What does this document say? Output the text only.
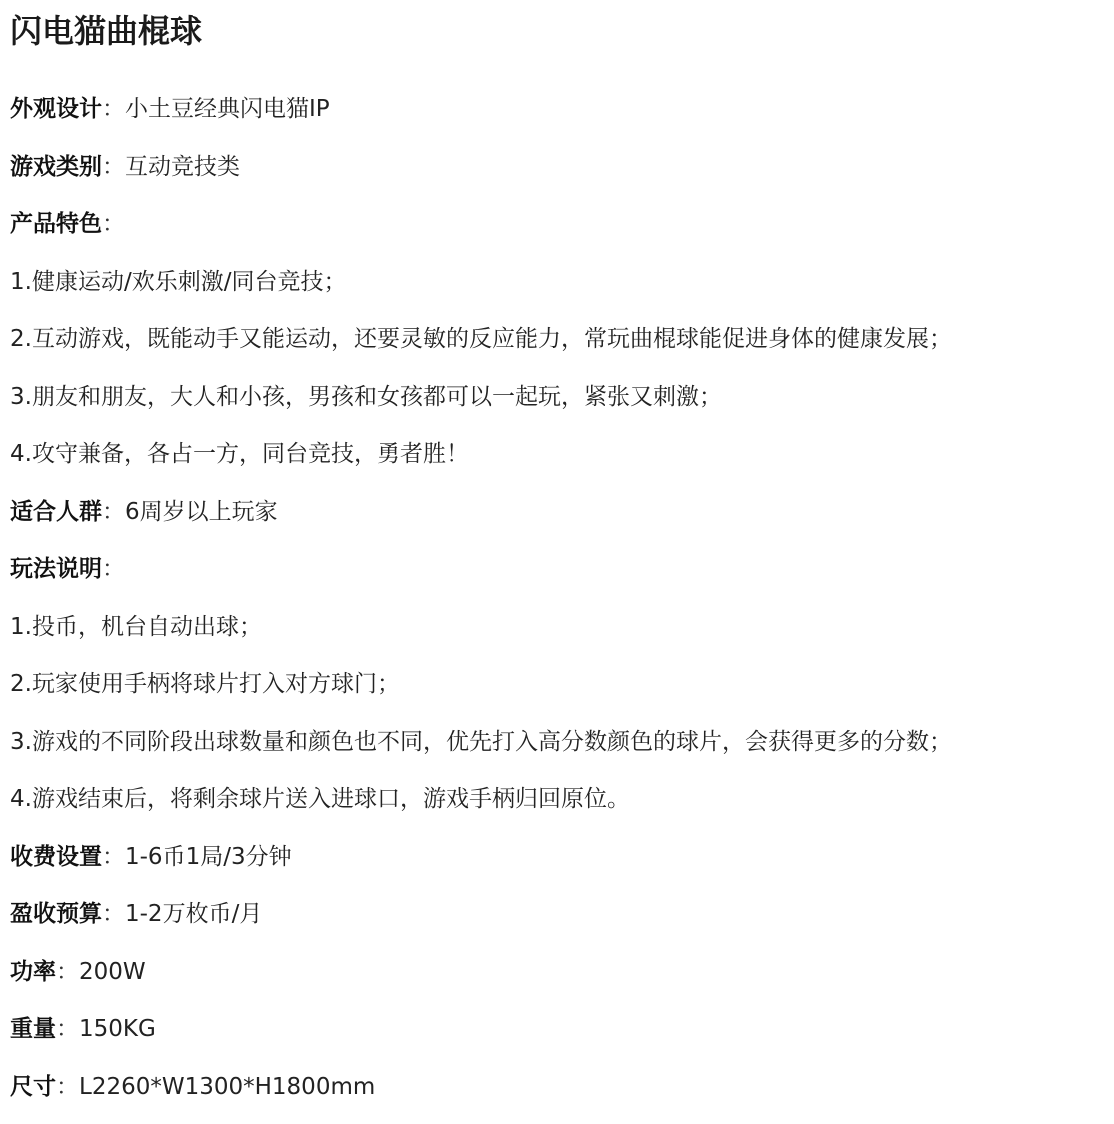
闪电猫曲棍球
外观设计：小土豆经典闪电猫IP
游戏类别：互动竞技类
产品特色：
1.健康运动/欢乐刺激/同台竞技；
2.互动游戏，既能动手又能运动，还要灵敏的反应能力，常玩曲棍球能促进身体的健康发展；
3.朋友和朋友，大人和小孩，男孩和女孩都可以一起玩，紧张又刺激；
4.攻守兼备，各占一方，同台竞技，勇者胜！
适合人群：6周岁以上玩家
玩法说明：
1.投币，机台自动出球；
2.玩家使用手柄将球片打入对方球门；
3.游戏的不同阶段出球数量和颜色也不同，优先打入高分数颜色的球片，会获得更多的分数；
4.游戏结束后，将剩余球片送入进球口，游戏手柄归回原位。
收费设置：1-6币1局/3分钟
盈收预算：1-2万枚币/月
功率：200W
重量：150KG
尺寸：L2260*W1300*H1800mm
